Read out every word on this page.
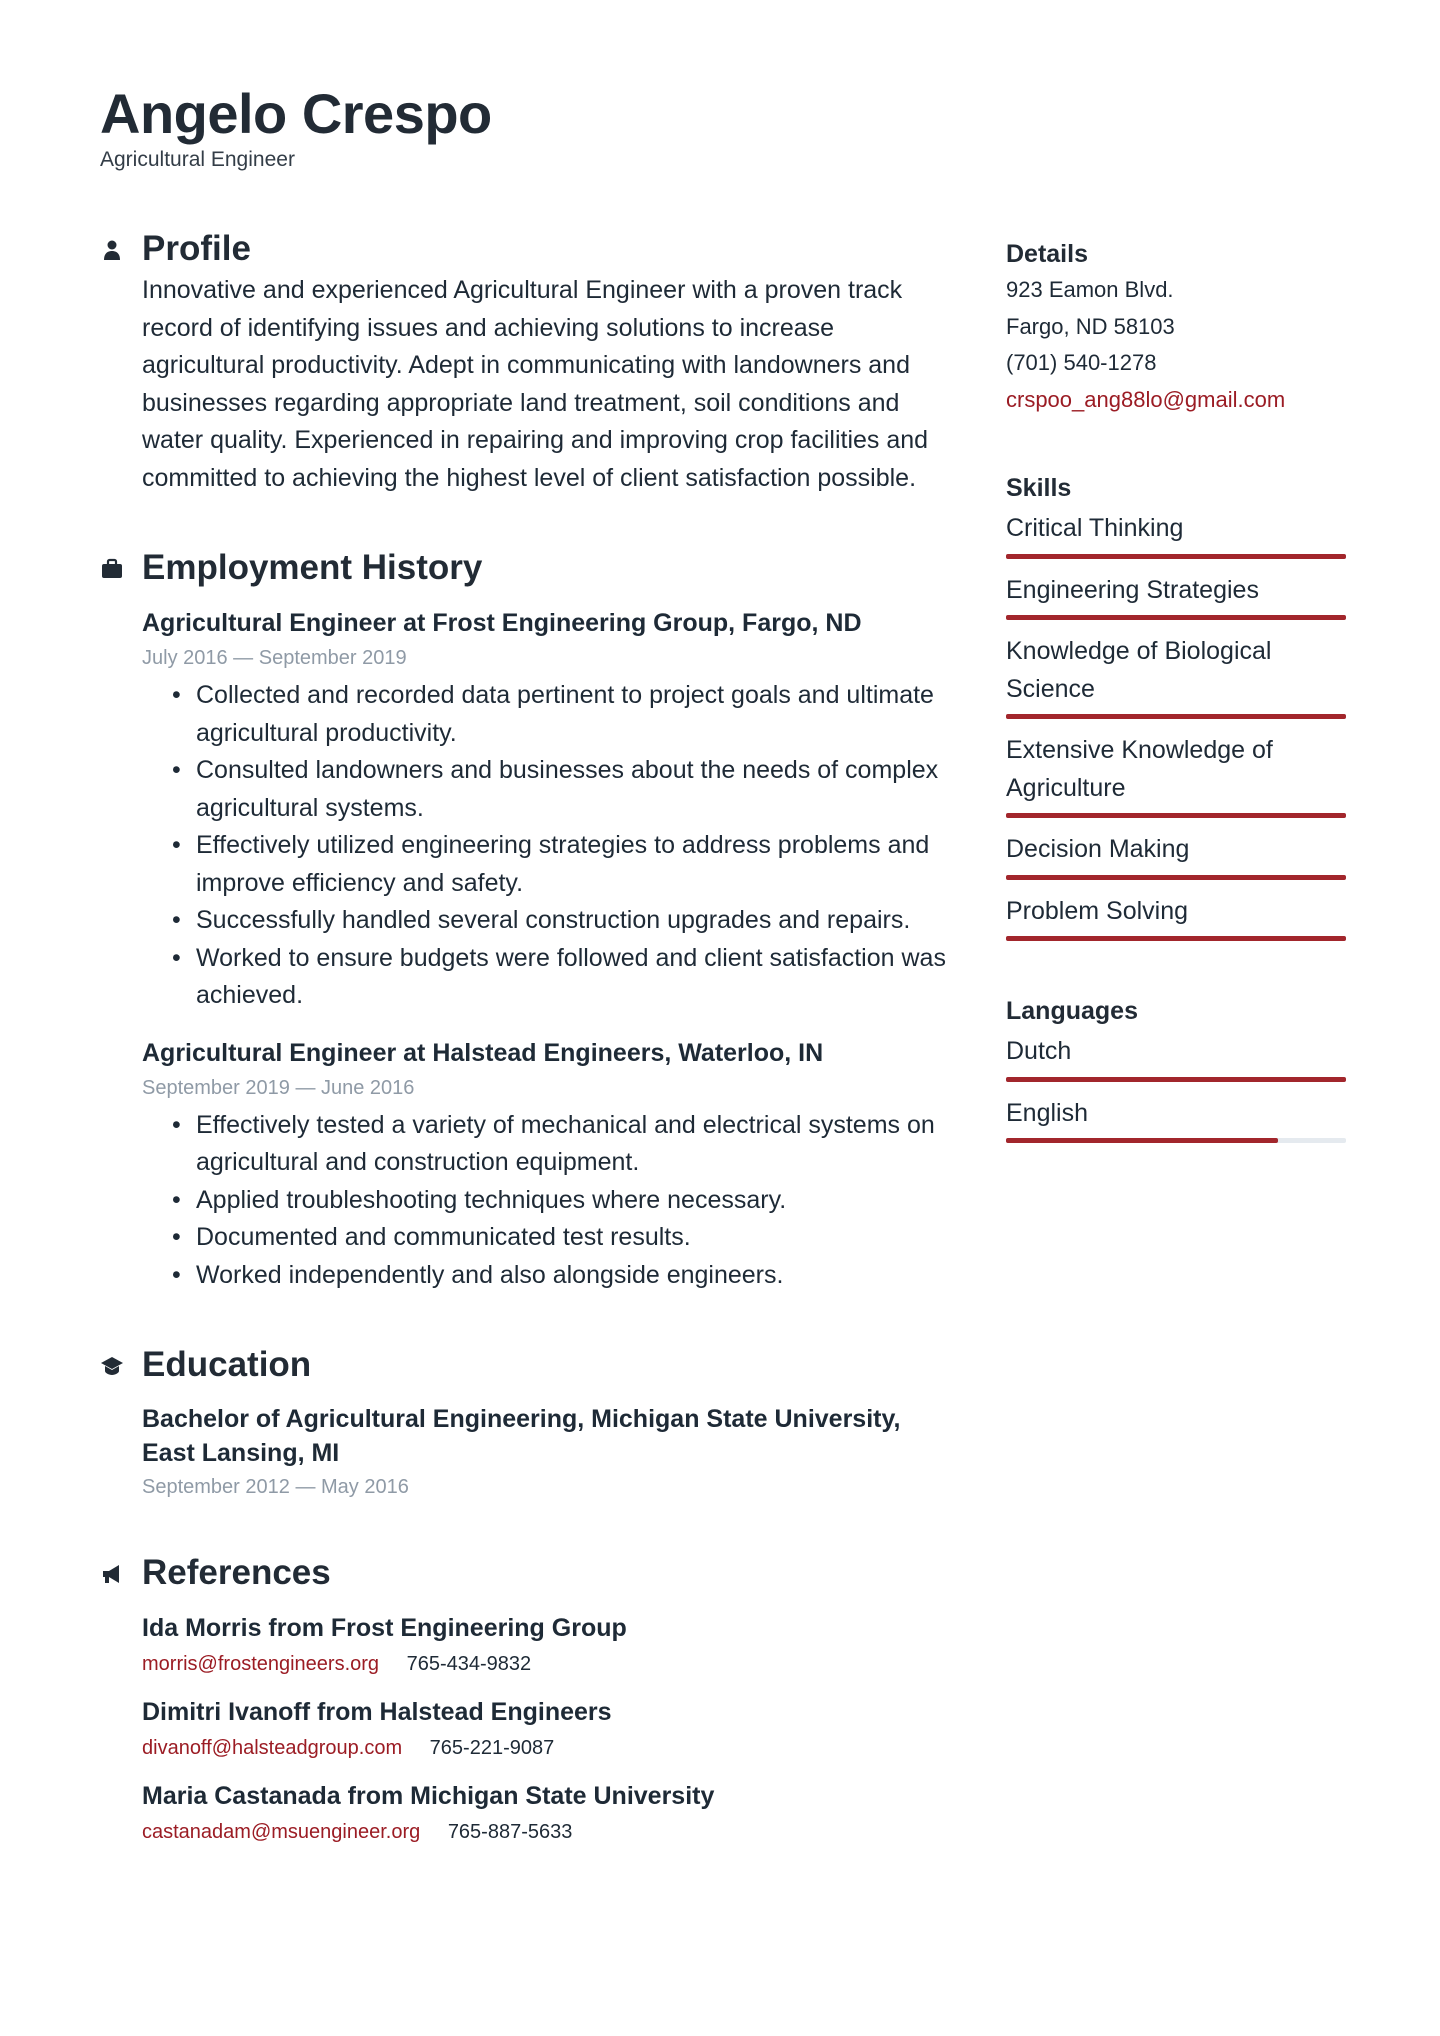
Angelo Crespo
Agricultural Engineer
Profile

Innovative and experienced Agricultural Engineer with a proven track record of identifying issues and achieving solutions to increase agricultural productivity. Adept in communicating with landowners and businesses regarding appropriate land treatment, soil conditions and water quality. Experienced in repairing and improving crop facilities and committed to achieving the highest level of client satisfaction possible.

Employment History
Agricultural Engineer at Frost Engineering Group, Fargo, ND
July 2016 — September 2019
• Collected and recorded data pertinent to project goals and ultimate agricultural productivity.
• Consulted landowners and businesses about the needs of complex agricultural systems.
• Effectively utilized engineering strategies to address problems and improve efficiency and safety.
• Successfully handled several construction upgrades and repairs.
• Worked to ensure budgets were followed and client satisfaction was achieved.
Agricultural Engineer at Halstead Engineers, Waterloo, IN
September 2019 — June 2016
• Effectively tested a variety of mechanical and electrical systems on agricultural and construction equipment.
• Applied troubleshooting techniques where necessary.
• Documented and communicated test results.
• Worked independently and also alongside engineers.
Education
Bachelor of Agricultural Engineering, Michigan State University, East Lansing, MI
September 2012 — May 2016
References
Ida Morris from Frost Engineering Group
morris@frostengineers.org 765-434-9832
Dimitri Ivanoff from Halstead Engineers
divanoff@halsteadgroup.com 765-221-9087
Maria Castanada from Michigan State University
castanadam@msuengineer.org 765-887-5633
Details
923 Eamon Blvd.
Fargo, ND 58103
(701) 540-1278
crspoo_ang88lo@gmail.com
Skills
Critical Thinking
Engineering Strategies
Knowledge of Biological Science
Extensive Knowledge of Agriculture
Decision Making
Problem Solving
Languages
Dutch
English
